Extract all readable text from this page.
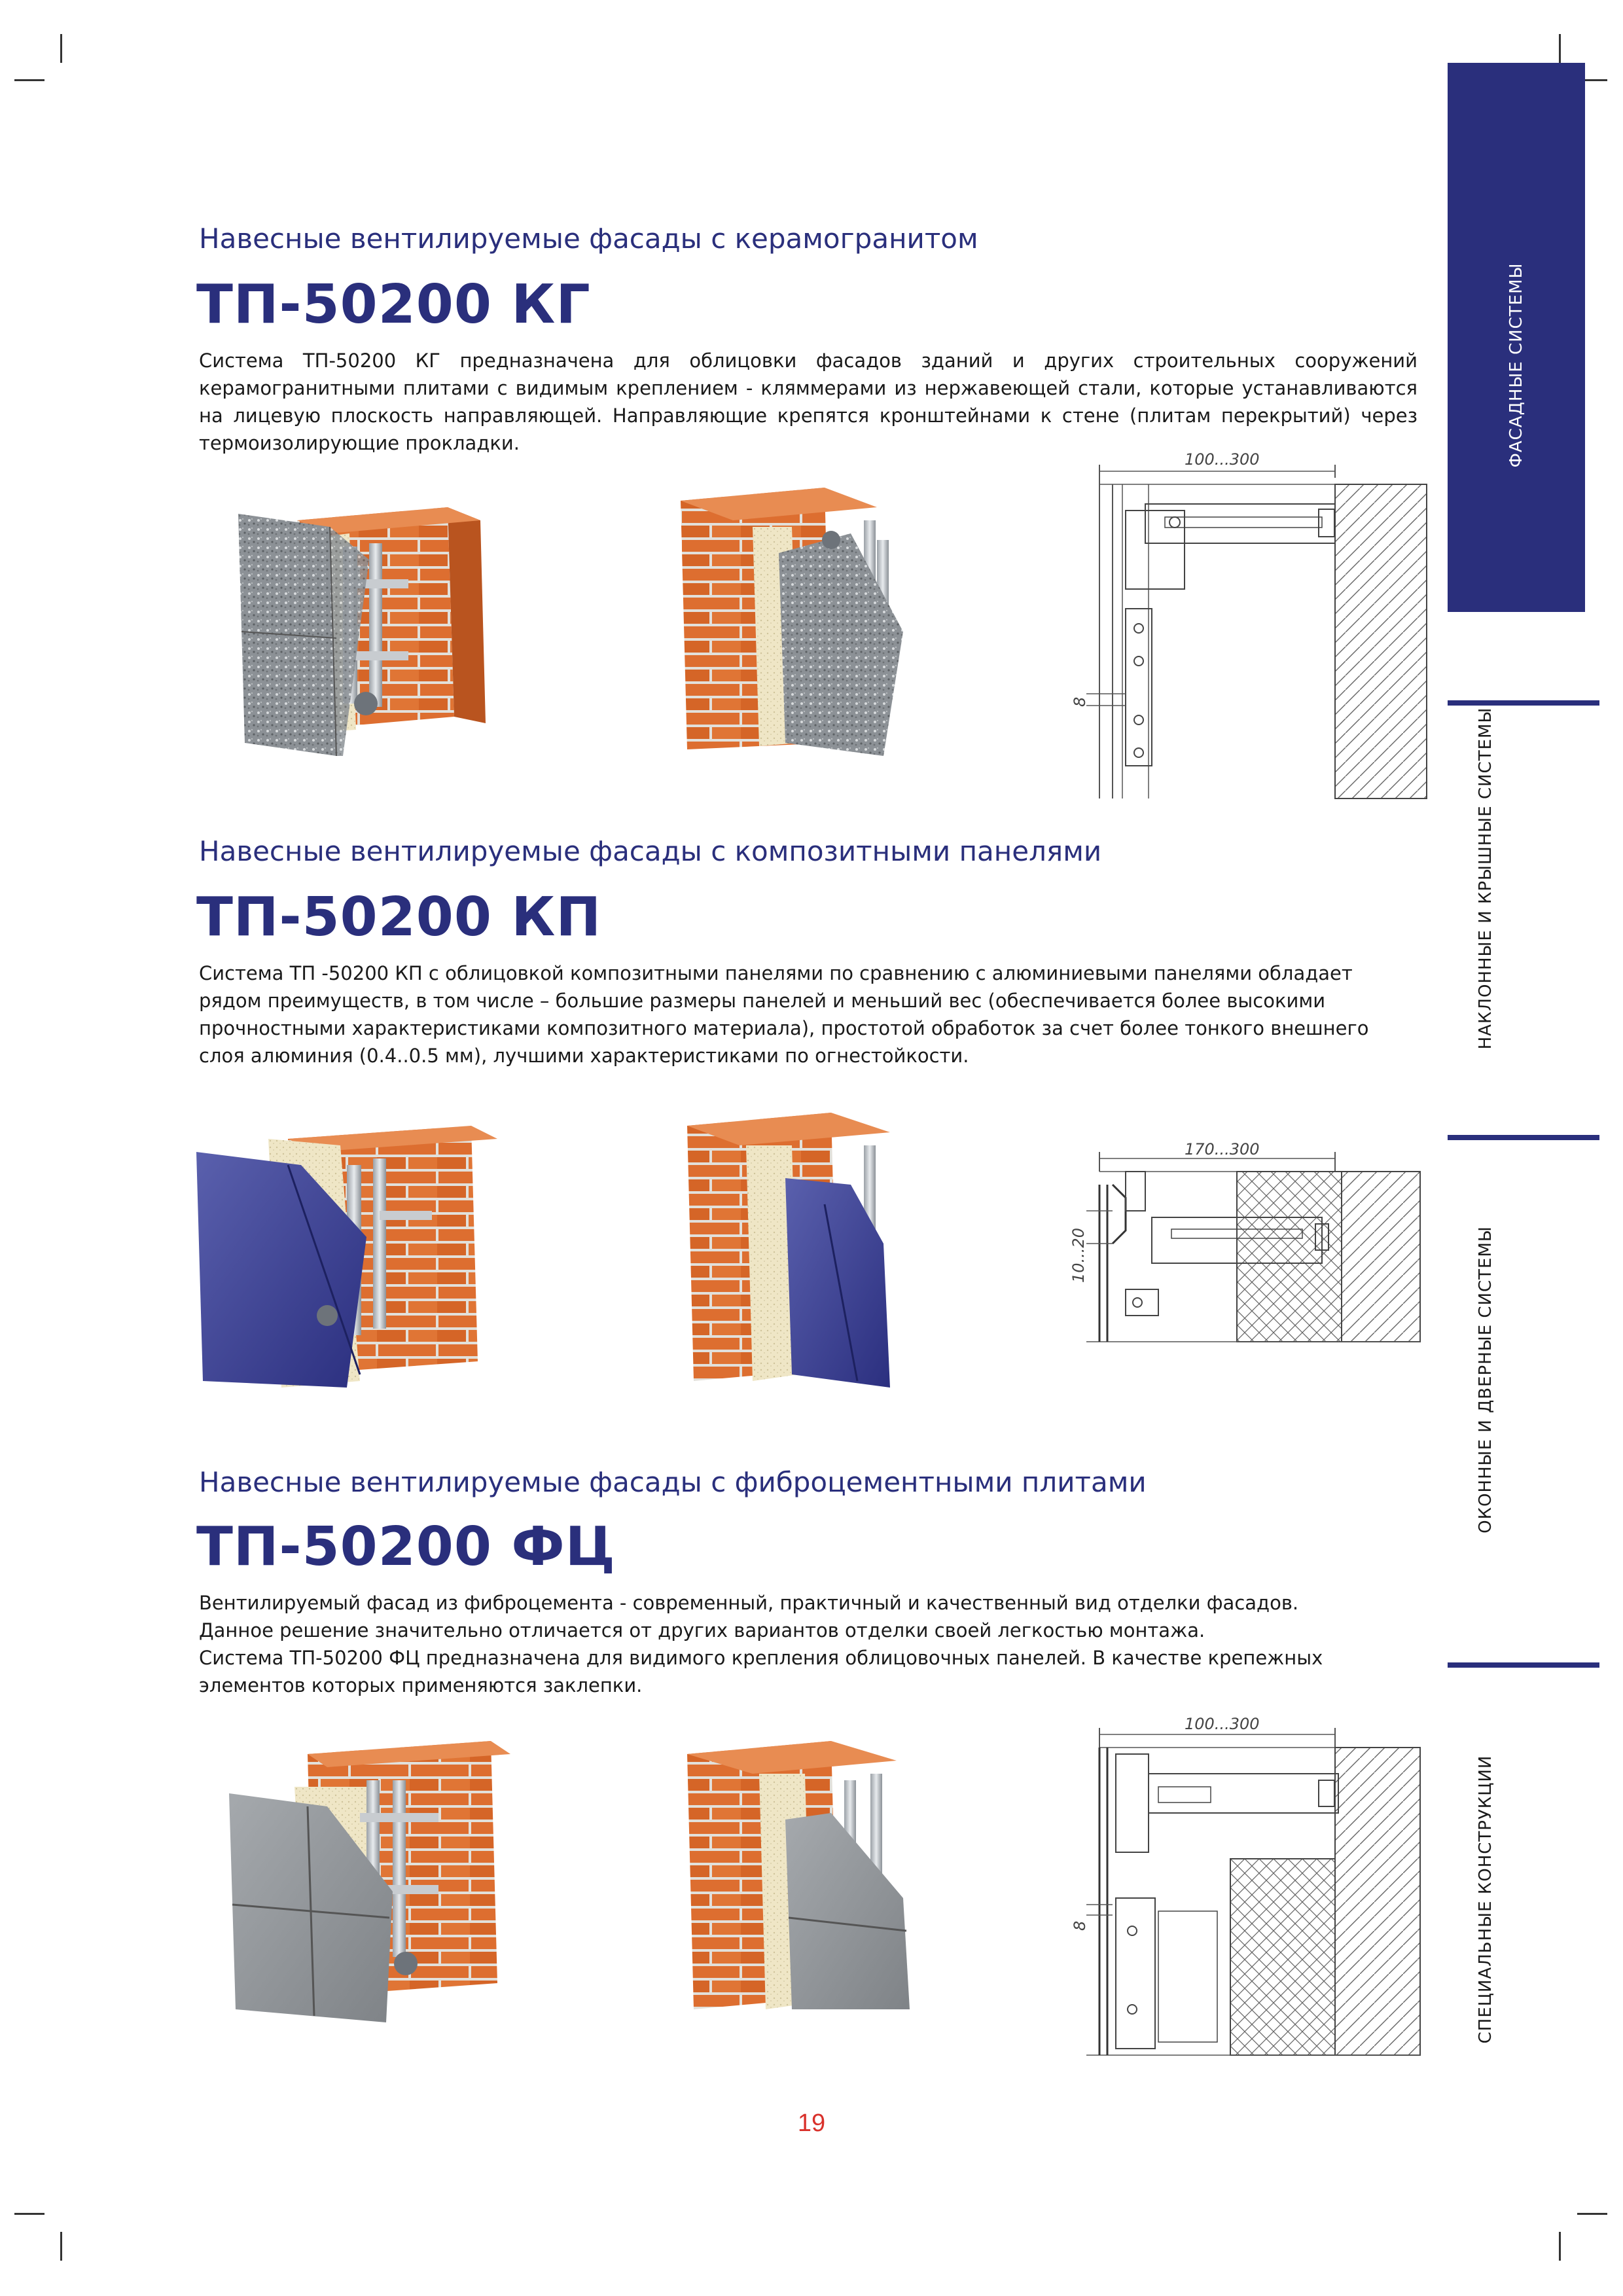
ФАСАДНЫЕ СИСТЕМЫ
НАКЛОННЫЕ И КРЫШНЫЕ СИСТЕМЫ
ОКОННЫЕ И ДВЕРНЫЕ СИСТЕМЫ
СПЕЦИАЛЬНЫЕ КОНСТРУКЦИИ
Навесные вентилируемые фасады с керамогранитом
ТП-50200 КГ
Система ТП-50200 КГ предназначена для облицовки фасадов зданий и других строительных сооружений керамогранитными плитами с видимым креплением - кляммерами из нержавеющей стали, которые устанавливаются на лицевую плоскость направляющей. Направляющие крепятся кронштейнами к стене (плитам перекрытий) через термоизолирующие прокладки.
100...300
8
Навесные вентилируемые фасады с композитными панелями
ТП-50200 КП
Система ТП -50200 КП с облицовкой композитными панелями по сравнению с алюминиевыми панелями обладает рядом преимуществ, в том числе – большие размеры панелей и меньший вес (обеспечивается более высокими прочностными характеристиками композитного материала), простотой обработок за счет более тонкого внешнего слоя алюминия (0.4..0.5 мм), лучшими характеристиками по огнестойкости.
170...300
10...20
Навесные вентилируемые фасады с фиброцементными плитами
ТП-50200 ФЦ
Вентилируемый фасад из фиброцемента - современный, практичный и качественный вид отделки фасадов. Данное решение значительно отличается от других вариантов отделки своей легкостью монтажа.
Система ТП-50200 ФЦ предназначена для видимого крепления облицовочных панелей. В качестве крепежных элементов которых применяются заклепки.
100...300
8
19
